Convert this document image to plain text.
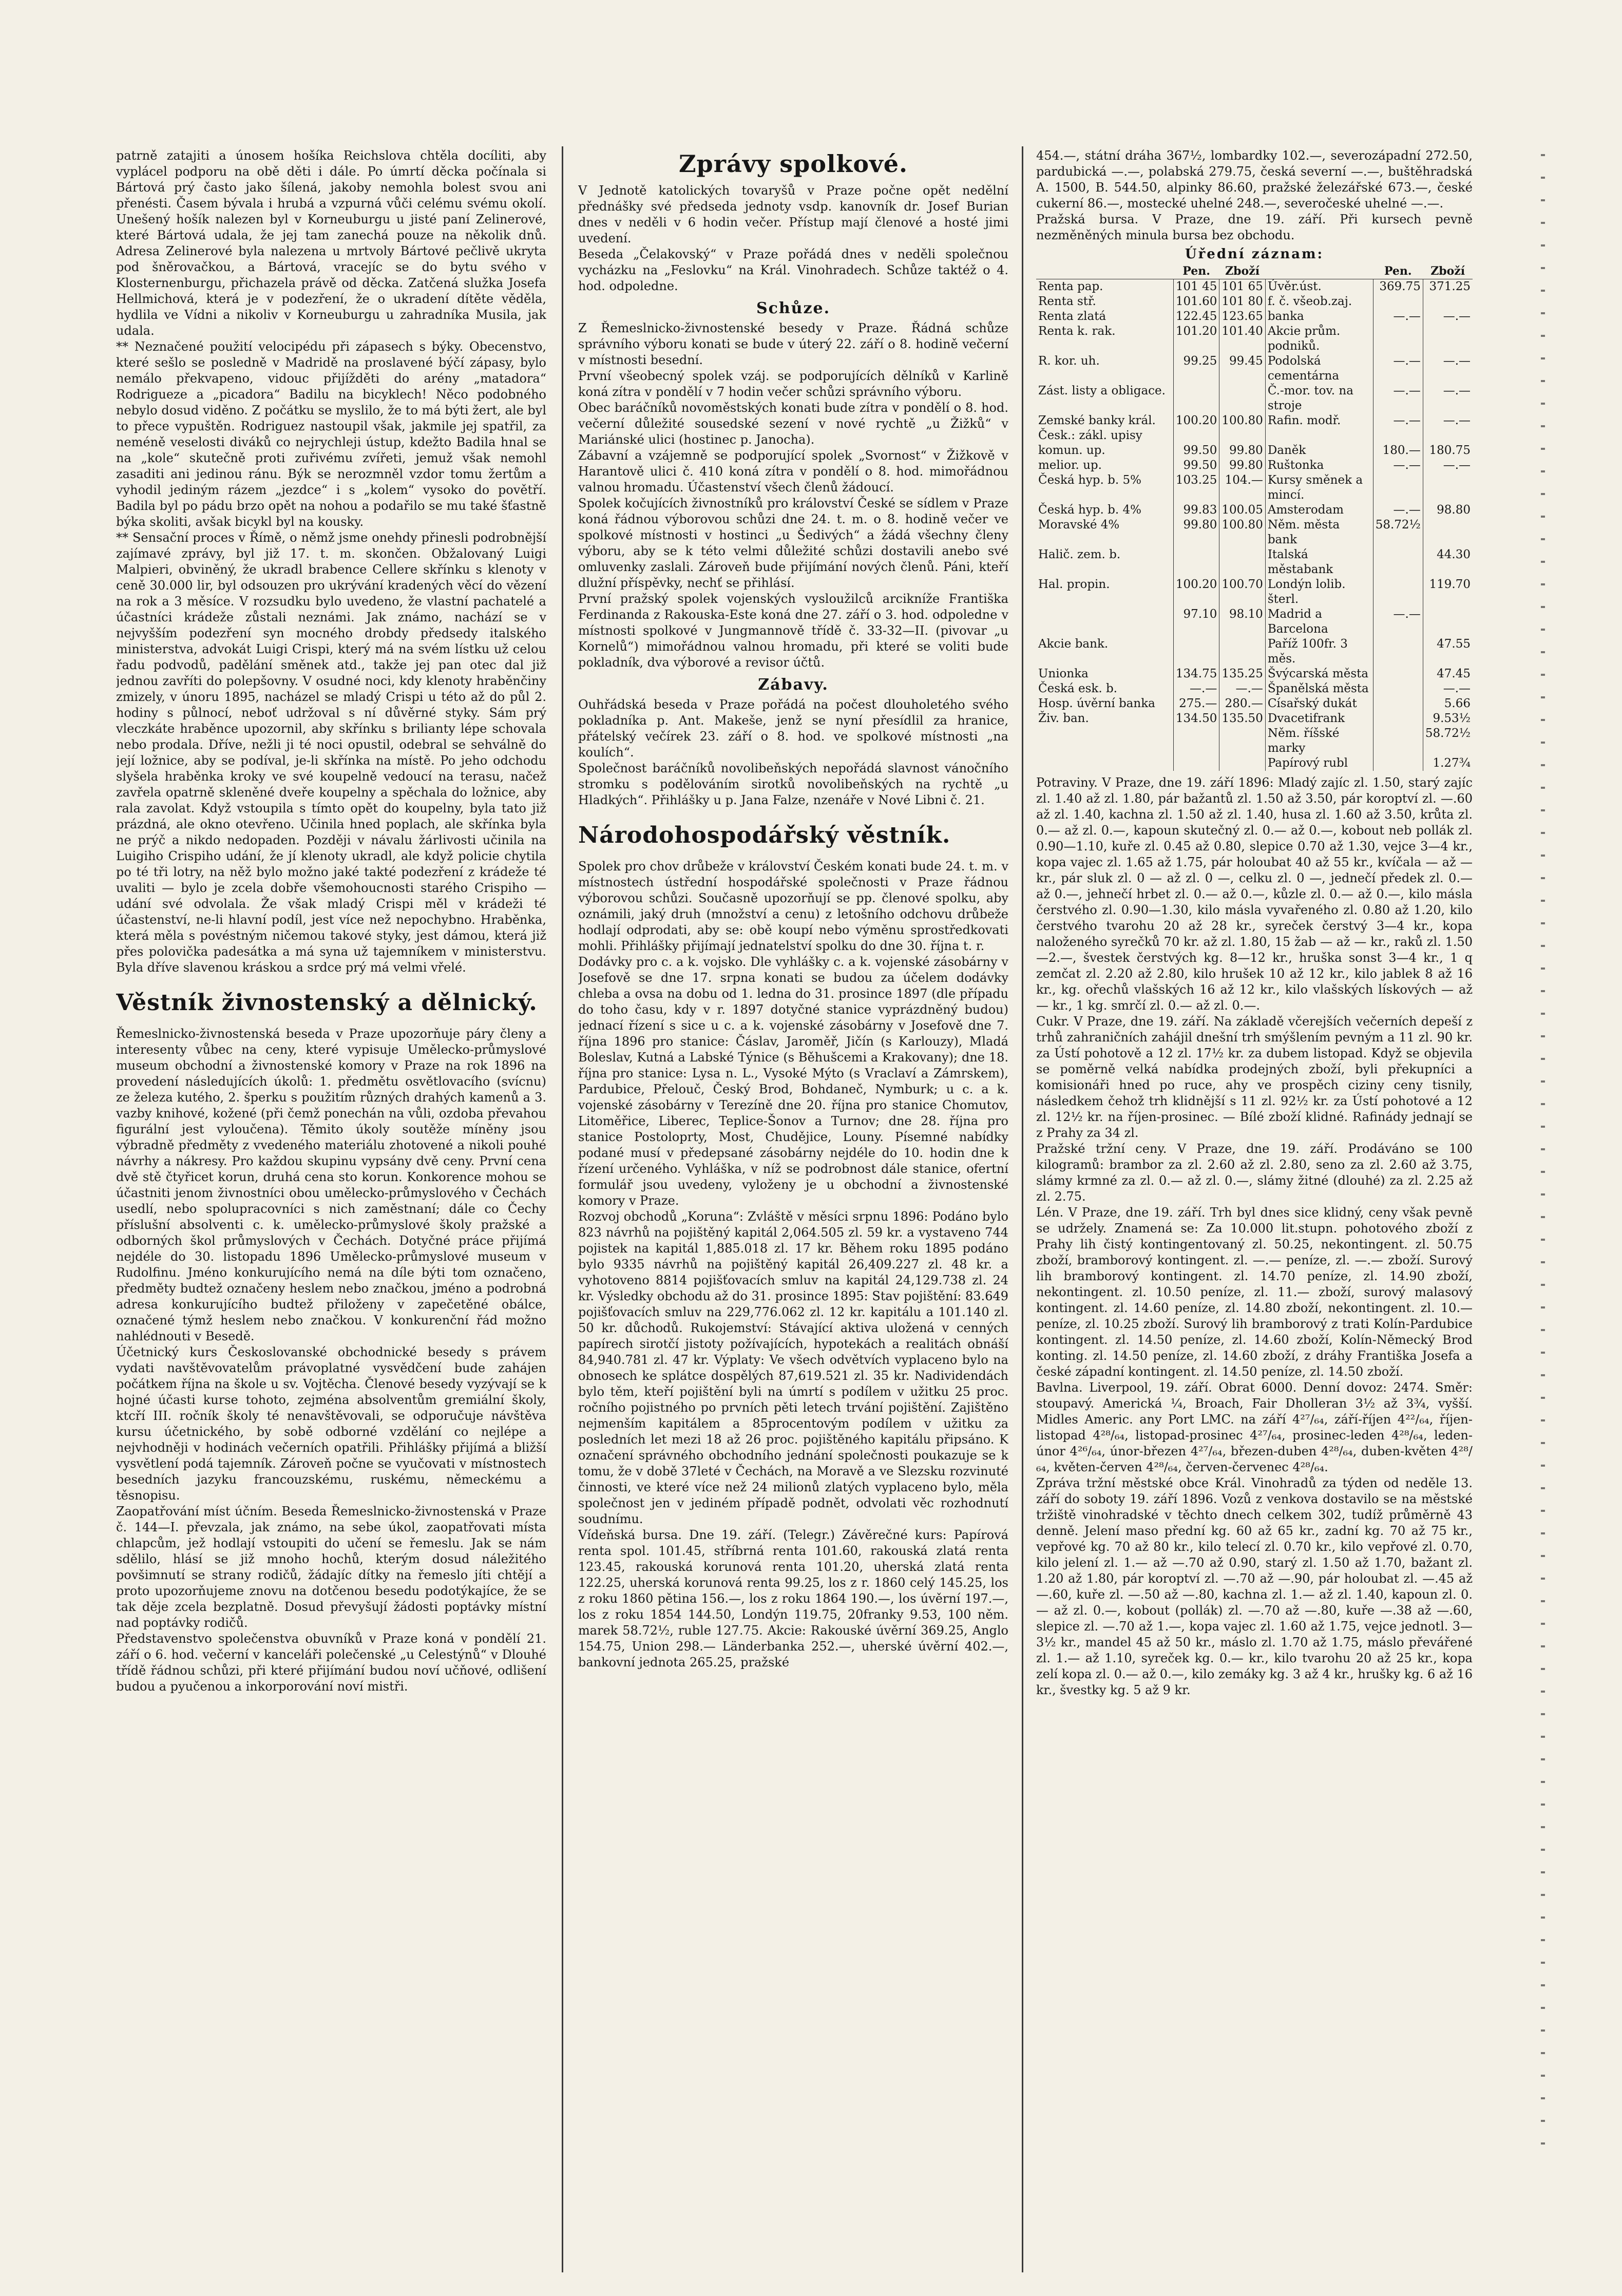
patrně zatajiti a únosem hošíka Reichslova chtěla docíliti, aby vyplácel podporu na obě děti i dále. Po úmrtí děcka počínala si Bártová prý často jako šílená, jakoby nemohla bolest svou ani přenésti. Časem bývala i hrubá a vzpurná vůči celému svému okolí. Unešený hošík nalezen byl v Korneuburgu u jisté paní Zelinerové, které Bártová udala, že jej tam zanechá pouze na několik dnů. Adresa Zelinerové byla nalezena u mrtvoly Bártové pečlivě ukryta pod šněrovačkou, a Bártová, vracejíc se do bytu svého v Klosternenburgu, přichazela právě od děcka. Zatčená služka Josefa Hellmichová, která je v podezření, že o ukradení dítěte věděla, hydlila ve Vídni a nikoliv v Korneuburgu u zahradníka Musila, jak udala.

** Neznačené použití velocipédu při zápasech s býky. Obecenstvo, které sešlo se posledně v Madridě na proslavené býčí zápasy, bylo nemálo překvapeno, vidouc přijížděti do arény „matadora“ Rodrigueze a „picadora“ Badilu na bicyklech! Něco podobného nebylo dosud viděno. Z počátku se myslilo, že to má býti žert, ale byl to přece vypuštěn. Rodriguez nastoupil však, jakmile jej spatřil, za neméně veselosti diváků co nejrychleji ústup, kdežto Badila hnal se na „kole“ skutečně proti zuřivému zvířeti, jemuž však nemohl zasaditi ani jedinou ránu. Býk se nerozmněl vzdor tomu žertům a vyhodil jediným rázem „jezdce“ i s „kolem“ vysoko do povětří. Badila byl po pádu brzo opět na nohou a podařilo se mu také šťastně býka skoliti, avšak bicykl byl na kousky.

** Sensační proces v Římě, o němž jsme onehdy přinesli podrobnější zajímavé zprávy, byl již 17. t. m. skončen. Obžalovaný Luigi Malpieri, obviněný, že ukradl brabence Cellere skřínku s klenoty v ceně 30.000 lir, byl odsouzen pro ukrývání kradených věcí do vězení na rok a 3 měsíce. V rozsudku bylo uvedeno, že vlastní pachatelé a účastníci krádeže zůstali neznámi. Jak známo, nachází se v nejvyšším podezření syn mocného drobdy předsedy italského ministerstva, advokát Luigi Crispi, který má na svém lístku už celou řadu podvodů, padělání směnek atd., takže jej pan otec dal již jednou zavříti do polepšovny. V osudné noci, kdy klenoty hraběnčiny zmizely, v únoru 1895, nacházel se mladý Crispi u této až do půl 2. hodiny s půlnocí, neboť udržoval s ní důvěrné styky. Sám prý vleczkáte hraběnce upozornil, aby skřínku s brilianty lépe schovala nebo prodala. Dříve, nežli ji té noci opustil, odebral se sehválně do její ložnice, aby se podíval, je-li skřínka na místě. Po jeho odchodu slyšela hraběnka kroky ve své koupelně vedoucí na terasu, načež zavřela opatrně skleněné dveře koupelny a spěchala do ložnice, aby rala zavolat. Když vstoupila s tímto opět do koupelny, byla tato již prázdná, ale okno otevřeno. Učinila hned poplach, ale skřínka byla ne prýč a nikdo nedopaden. Později v návalu žárlivosti učinila na Luigiho Crispiho udání, že jí klenoty ukradl, ale když policie chytila po té tři lotry, na něž bylo možno jaké takté podezření z krádeže té uvaliti — bylo je zcela dobře všemohoucnosti starého Crispiho — udání své odvolala. Že však mladý Crispi měl v krádeži té účastenství, ne-li hlavní podíl, jest více než nepochybno. Hraběnka, která měla s povéstným ničemou takové styky, jest dámou, která již přes polovička padesátka a má syna už tajemníkem v ministerstvu. Byla dříve slavenou kráskou a srdce prý má velmi vřelé.

Věstník živnostenský a dělnický.

Řemeslnicko-živnostenská beseda v Praze upozorňuje páry členy a interesenty vůbec na ceny, které vypisuje Umělecko-průmyslové museum obchodní a živnostenské komory v Praze na rok 1896 na provedení následujících úkolů: 1. předmětu osvětlovacího (svícnu) ze železa kutého, 2. šperku s použitím různých drahých kamenů a 3. vazby knihové, kožené (při čemž ponechán na vůli, ozdoba převahou figurální jest vyloučena). Těmito úkoly soutěže míněny jsou výbradně předměty z vvedeného materiálu zhotovené a nikoli pouhé návrhy a nákresy. Pro každou skupinu vypsány dvě ceny. První cena dvě stě čtyřicet korun, druhá cena sto korun. Konkorence mohou se účastniti jenom živnostníci obou umělecko-průmyslového v Čechách usedlí, nebo spolupracovníci s nich zaměstnaní; dále co Čechy příslušní absolventi c. k. umělecko-průmyslové školy pražské a odborných škol průmyslových v Čechách. Dotyčné práce přijímá nejdéle do 30. listopadu 1896 Umělecko-průmyslové museum v Rudolfinu. Jméno konkurujícího nemá na díle býti tom označeno, předměty budtež označeny heslem nebo značkou, jméno a podrobná adresa konkurujícího budtež přiloženy v zapečetěné obálce, označené týmž heslem nebo značkou. V konkurenční řád možno nahlédnouti v Besedě.

Účetnický kurs Českoslovanské obchodnické besedy s právem vydati navštěvovatelům právoplatné vysvědčení bude zahájen počátkem října na škole u sv. Vojtěcha. Členové besedy vyzývají se k hojné účasti kurse tohoto, zejména absolventům gremiální školy, ktcří III. ročník školy té nenavštěvovali, se odporučuje návštěva kursu účetnického, by sobě odborné vzdělání co nejlépe a nejvhodněji v hodinách večerních opatřili. Přihlášky přijímá a bližší vysvětlení podá tajemník. Zároveň počne se vyučovati v místnostech besedních jazyku francouzskému, ruskému, německému a těsnopisu.

Zaopatřování míst účním. Beseda Řemeslnicko-živnostenská v Praze č. 144—I. převzala, jak známo, na sebe úkol, zaopatřovati místa chlapcům, jež hodlají vstoupiti do učení se řemeslu. Jak se nám sdělilo, hlásí se již mnoho hochů, kterým dosud náležitého povšimnutí se strany rodičů, žádajíc dítky na řemeslo jíti chtějí a proto upozorňujeme znovu na dotčenou besedu podotýkajíce, že se tak děje zcela bezplatně. Dosud převyšují žádosti poptávky místní nad poptávky rodičů.

Představenstvo společenstva obuvníků v Praze koná v pondělí 21. září o 6. hod. večerní v kanceláři polečenské „u Celestýnů“ v Dlouhé třídě řádnou schůzi, při které přijímání budou noví učňové, odlišení budou a pyučenou a inkorporování noví mistři.

Zprávy spolkové.

V Jednotě katolických tovaryšů v Praze počne opět nedělní přednášky své předseda jednoty vsdp. kanovník dr. Josef Burian dnes v neděli v 6 hodin večer. Přístup mají členové a hosté jimi uvedení.

Beseda „Čelakovský“ v Praze pořádá dnes v neděli společnou vycházku na „Feslovku“ na Král. Vinohradech. Schůze taktéž o 4. hod. odpoledne.

Schůze.

Z Řemeslnicko-živnostenské besedy v Praze. Řádná schůze správního výboru konati se bude v úterý 22. září o 8. hodině večerní v místnosti besední.

První všeobecný spolek vzáj. se podporujících dělníků v Karlině koná zítra v pondělí v 7 hodin večer schůzi správního výboru.

Obec baráčníků novoměstských konati bude zítra v pondělí o 8. hod. večerní důležité sousedské sezení v nové rychtě „u Žižků“ v Mariánské ulici (hostinec p. Janocha).

Zábavní a vzájemně se podporující spolek „Svornost“ v Žižkově v Harantově ulici č. 410 koná zítra v pondělí o 8. hod. mimořádnou valnou hromadu. Účastenství všech členů žádoucí.

Spolek kočujících živnostníků pro království České se sídlem v Praze koná řádnou výborovou schůzi dne 24. t. m. o 8. hodině večer ve spolkové místnosti v hostinci „u Šedivých“ a žádá všechny členy výboru, aby se k této velmi důležité schůzi dostavili anebo své omluvenky zaslali. Zároveň bude přijímání nových členů. Páni, kteří dlužní příspěvky, nechť se přihlásí.

První pražský spolek vojenských vysloužilců arcikníže Františka Ferdinanda z Rakouska-Este koná dne 27. září o 3. hod. odpoledne v místnosti spolkové v Jungmannově třídě č. 33-32—II. (pivovar „u Kornelů“) mimořádnou valnou hromadu, při které se voliti bude pokladník, dva výborové a revisor účtů.

Zábavy.

Ouhřádská beseda v Praze pořádá na počest dlouholetého svého pokladníka p. Ant. Makeše, jenž se nyní přesídlil za hranice, přátelský večírek 23. září o 8. hod. ve spolkové místnosti „na koulích“.

Společnost baráčníků novolibeňských nepořádá slavnost vánočního stromku s podělováním sirotků novolibeňských na rychtě „u Hladkých“. Přihlášky u p. Jana Falze, nzenáře v Nové Libni č. 21.

Národohospodářský věstník.

Spolek pro chov drůbeže v království Českém konati bude 24. t. m. v místnostech ústřední hospodářské společnosti v Praze řádnou výborovou schůzi. Současně upozorňují se pp. členové spolku, aby oznámili, jaký druh (množství a cenu) z letošního odchovu drůbeže hodlají odprodati, aby se: obě koupí nebo výměnu sprostředkovati mohli. Přihlášky přijímají jednatelství spolku do dne 30. října t. r.

Dodávky pro c. a k. vojsko. Dle vyhlášky c. a k. vojenské zásobárny v Josefově se dne 17. srpna konati se budou za účelem dodávky chleba a ovsa na dobu od 1. ledna do 31. prosince 1897 (dle případu do toho času, kdy v r. 1897 dotyčné stanice vyprázdněný budou) jednací řízení s sice u c. a k. vojenské zásobárny v Josefově dne 7. října 1896 pro stanice: Čáslav, Jaroměř, Jičín (s Karlouzy), Mladá Boleslav, Kutná a Labské Týnice (s Běhušcemi a Krakovany); dne 18. října pro stanice: Lysa n. L., Vysoké Mýto (s Vraclaví a Zámrskem), Pardubice, Přelouč, Český Brod, Bohdaneč, Nymburk; u c. a k. vojenské zásobárny v Terezíně dne 20. října pro stanice Chomutov, Litoměřice, Liberec, Teplice-Šonov a Turnov; dne 28. října pro stanice Postoloprty, Most, Chudějice, Louny. Písemné nabídky podané musí v předepsané zásobárny nejdéle do 10. hodin dne k řízení určeného. Vyhláška, v níž se podrobnost dále stanice, ofertní formulář jsou uvedeny, vyloženy je u obchodní a živnostenské komory v Praze.

Rozvoj obchodů „Koruna“: Zvláště v měsíci srpnu 1896: Podáno bylo 823 návrhů na pojištěný kapitál 2,064.505 zl. 59 kr. a vystaveno 744 pojistek na kapitál 1,885.018 zl. 17 kr. Během roku 1895 podáno bylo 9335 návrhů na pojištěný kapitál 26,409.227 zl. 48 kr. a vyhotoveno 8814 pojišťovacích smluv na kapitál 24,129.738 zl. 24 kr. Výsledky obchodu až do 31. prosince 1895: Stav pojištění: 83.649 pojišťovacích smluv na 229,776.062 zl. 12 kr. kapitálu a 101.140 zl. 50 kr. důchodů. Rukojemství: Stávající aktiva uložená v cenných papírech sirotčí jistoty požívajících, hypotekách a realitách obnáší 84,940.781 zl. 47 kr. Výplaty: Ve všech odvětvích vyplaceno bylo na obnosech ke splátce dospělých 87,619.521 zl. 35 kr. Nadividendách bylo těm, kteří pojištění byli na úmrtí s podílem v užitku 25 proc. ročního pojistného po prvních pěti letech trvání pojištění. Zajištěno nejmenším kapitálem a 85procentovým podílem v užitku za posledních let mezi 18 až 26 proc. pojištěného kapitálu připsáno. K označení správného obchodního jednání společnosti poukazuje se k tomu, že v době 37leté v Čechách, na Moravě a ve Slezsku rozvinuté činnosti, ve které více než 24 milionů zlatých vyplaceno bylo, měla společnost jen v jediném případě podnět, odvolati věc rozhodnutí soudnímu.

Vídeňská bursa. Dne 19. září. (Telegr.) Závěrečné kurs: Papírová renta spol. 101.45, stříbrná renta 101.60, rakouská zlatá renta 123.45, rakouská korunová renta 101.20, uherská zlatá renta 122.25, uherská korunová renta 99.25, los z r. 1860 celý 145.25, los z roku 1860 pětina 156.—, los z roku 1864 190.—, los úvěrní 197.—, los z roku 1854 144.50, Londýn 119.75, 20franky 9.53, 100 něm. marek 58.72½, ruble 127.75. Akcie: Rakouské úvěrní 369.25, Anglo 154.75, Union 298.— Länderbanka 252.—, uherské úvěrní 402.—, bankovní jednota 265.25, pražské

454.—, státní dráha 367½, lombardky 102.—, severozápadní 272.50, pardubická —.—, polabská 279.75, česká severní —.—, buštěhradská A. 1500, B. 544.50, alpinky 86.60, pražské železářské 673.—, české cukerní 86.—, mostecké uhelné 248.—, severočeské uhelné —.—.

Pražská bursa. V Praze, dne 19. září. Při kursech pevně nezměněných minula bursa bez obchodu.

Úřední záznam:
	Pen.	Zboží		Pen.	Zboží
Renta pap.	101 45	101 65	Úvěr.úst.	369.75	371.25
Renta stř.	101.60	101 80	f. č. všeob.zaj.		
Renta zlatá	122.45	123.65	banka	—.—	—.—
Renta k. rak.	101.20	101.40	Akcie prům. podniků.		
R. kor. uh.	99.25	99.45	Podolská cementárna	—.—	—.—
Zást. listy a obligace.			Č.-mor. tov. na stroje	—.—	—.—
Zemské banky král. Česk.: zákl. upisy	100.20	100.80	Rafin. modř.	—.—	—.—
komun. up.	99.50	99.80	Daněk	180.—	180.75
melior. up.	99.50	99.80	Ruštonka	—.—	—.—
Česká hyp. b. 5%	103.25	104.—	Kursy směnek a mincí.		
Česká hyp. b. 4%	99.83	100.05	Amsterodam	—.—	98.80
Moravské 4%	99.80	100.80	Něm. města bank	58.72½	
Halič. zem. b.			Italská městabank		44.30
Hal. propin.	100.20	100.70	Londýn lolib. šterl.		119.70
	97.10	98.10	Madrid a Barcelona	—.—	
Akcie bank.			Paříž 100fr. 3 měs.		47.55
Unionka	134.75	135.25	Švýcarská města		47.45
Česká esk. b.	—.—	—.—	Španělská města		—.—
Hosp. úvěrní banka	275.—	280.—	Císařský dukát		5.66
Živ. ban.	134.50	135.50	Dvacetifrank		9.53½
			Něm. říšské marky		58.72½
			Papírový rubl		1.27¾

Potraviny. V Praze, dne 19. září 1896: Mladý zajíc zl. 1.50, starý zajíc zl. 1.40 až zl. 1.80, pár bažantů zl. 1.50 až 3.50, pár koroptví zl. —.60 až zl. 1.40, kachna zl. 1.50 až zl. 1.40, husa zl. 1.60 až 3.50, krůta zl. 0.— až zl. 0.—, kapoun skutečný zl. 0.— až 0.—, kobout neb pollák zl. 0.90—1.10, kuře zl. 0.45 až 0.80, slepice 0.70 až 1.30, vejce 3—4 kr., kopa vajec zl. 1.65 až 1.75, pár holoubat 40 až 55 kr., kvíčala — až — kr., pár sluk zl. 0 — až zl. 0 —, celku zl. 0 —, jednečí předek zl. 0.— až 0.—, jehnečí hrbet zl. 0.— až 0.—, kůzle zl. 0.— až 0.—, kilo másla čerstvého zl. 0.90—1.30, kilo másla vyvařeného zl. 0.80 až 1.20, kilo čerstvého tvarohu 20 až 28 kr., syreček čerstvý 3—4 kr., kopa naloženého syrečků 70 kr. až zl. 1.80, 15 žab — až — kr., raků zl. 1.50—2.—, švestek čerstvých kg. 8—12 kr., hruška sonst 3—4 kr., 1 q zemčat zl. 2.20 až 2.80, kilo hrušek 10 až 12 kr., kilo jablek 8 až 16 kr., kg. ořechů vlašských 16 až 12 kr., kilo vlašských lískových — až — kr., 1 kg. smrčí zl. 0.— až zl. 0.—.

Cukr. V Praze, dne 19. září. Na základě včerejších večerních depeší z trhů zahraničních zahájil dnešní trh smýšlením pevným a 11 zl. 90 kr. za Ústí pohotově a 12 zl. 17½ kr. za dubem listopad. Když se objevila se poměrně velká nabídka prodejných zboží, byli překupníci a komisionáři hned po ruce, ahy ve prospěch ciziny ceny tisnily, následkem čehož trh klidnější s 11 zl. 92½ kr. za Ústí pohotové a 12 zl. 12½ kr. na říjen-prosinec. — Bílé zboží klidné. Rafinády jednají se z Prahy za 34 zl.

Pražské tržní ceny. V Praze, dne 19. září. Prodáváno se 100 kilogramů: brambor za zl. 2.60 až zl. 2.80, seno za zl. 2.60 až 3.75, slámy krmné za zl. 0.— až zl. 0.—, slámy žitné (dlouhé) za zl. 2.25 až zl. 2.75.

Lén. V Praze, dne 19. září. Trh byl dnes sice klidný, ceny však pevně se udržely. Znamená se: Za 10.000 lit.stupn. pohotového zboží z Prahy lih čistý kontingentovaný zl. 50.25, nekontingent. zl. 50.75 zboží, bramborový kontingent. zl. —.— peníze, zl. —.— zboží. Surový lih bramborový kontingent. zl. 14.70 peníze, zl. 14.90 zboží, nekontingent. zl. 10.50 peníze, zl. 11.— zboží, surový malasový kontingent. zl. 14.60 peníze, zl. 14.80 zboží, nekontingent. zl. 10.— peníze, zl. 10.25 zboží. Surový lih bramborový z trati Kolín-Pardubice kontingent. zl. 14.50 peníze, zl. 14.60 zboží, Kolín-Německý Brod konting. zl. 14.50 peníze, zl. 14.60 zboží, z dráhy Františka Josefa a české západní kontingent. zl. 14.50 peníze, zl. 14.50 zboží.

Bavlna. Liverpool, 19. září. Obrat 6000. Denní dovoz: 2474. Směr: stoupavý. Americká ¼, Broach, Fair Dholleran 3½ až 3¾, vyšší. Midles Americ. any Port LMC. na září 4²⁷/₆₄, září-říjen 4²²/₆₄, říjen-listopad 4²⁸/₆₄, listopad-prosinec 4²⁷/₆₄, prosinec-leden 4²⁸/₆₄, leden-únor 4²⁶/₆₄, únor-březen 4²⁷/₆₄, březen-duben 4²⁸/₆₄, duben-květen 4²⁸/₆₄, květen-červen 4²⁸/₆₄, červen-červenec 4²⁸/₆₄.

Zpráva tržní městské obce Král. Vinohradů za týden od neděle 13. září do soboty 19. září 1896. Vozů z venkova dostavilo se na městské tržiště vinohradské v těchto dnech celkem 302, tudíž průměrně 43 denně. Jelení maso přední kg. 60 až 65 kr., zadní kg. 70 až 75 kr., vepřové kg. 70 až 80 kr., kilo telecí zl. 0.70 kr., kilo vepřové zl. 0.70, kilo jelení zl. 1.— až —.70 až 0.90, starý zl. 1.50 až 1.70, bažant zl. 1.20 až 1.80, pár koroptví zl. —.70 až —.90, pár holoubat zl. —.45 až —.60, kuře zl. —.50 až —.80, kachna zl. 1.— až zl. 1.40, kapoun zl. 0.— až zl. 0.—, kobout (pollák) zl. —.70 až —.80, kuře —.38 až —.60, slepice zl. —.70 až 1.—, kopa vajec zl. 1.60 až 1.75, vejce jednotl. 3—3½ kr., mandel 45 až 50 kr., máslo zl. 1.70 až 1.75, máslo převářené zl. 1.— až 1.10, syreček kg. 0.— kr., kilo tvarohu 20 až 25 kr., kopa zelí kopa zl. 0.— až 0.—, kilo zemáky kg. 3 až 4 kr., hrušky kg. 6 až 16 kr., švestky kg. 5 až 9 kr.
